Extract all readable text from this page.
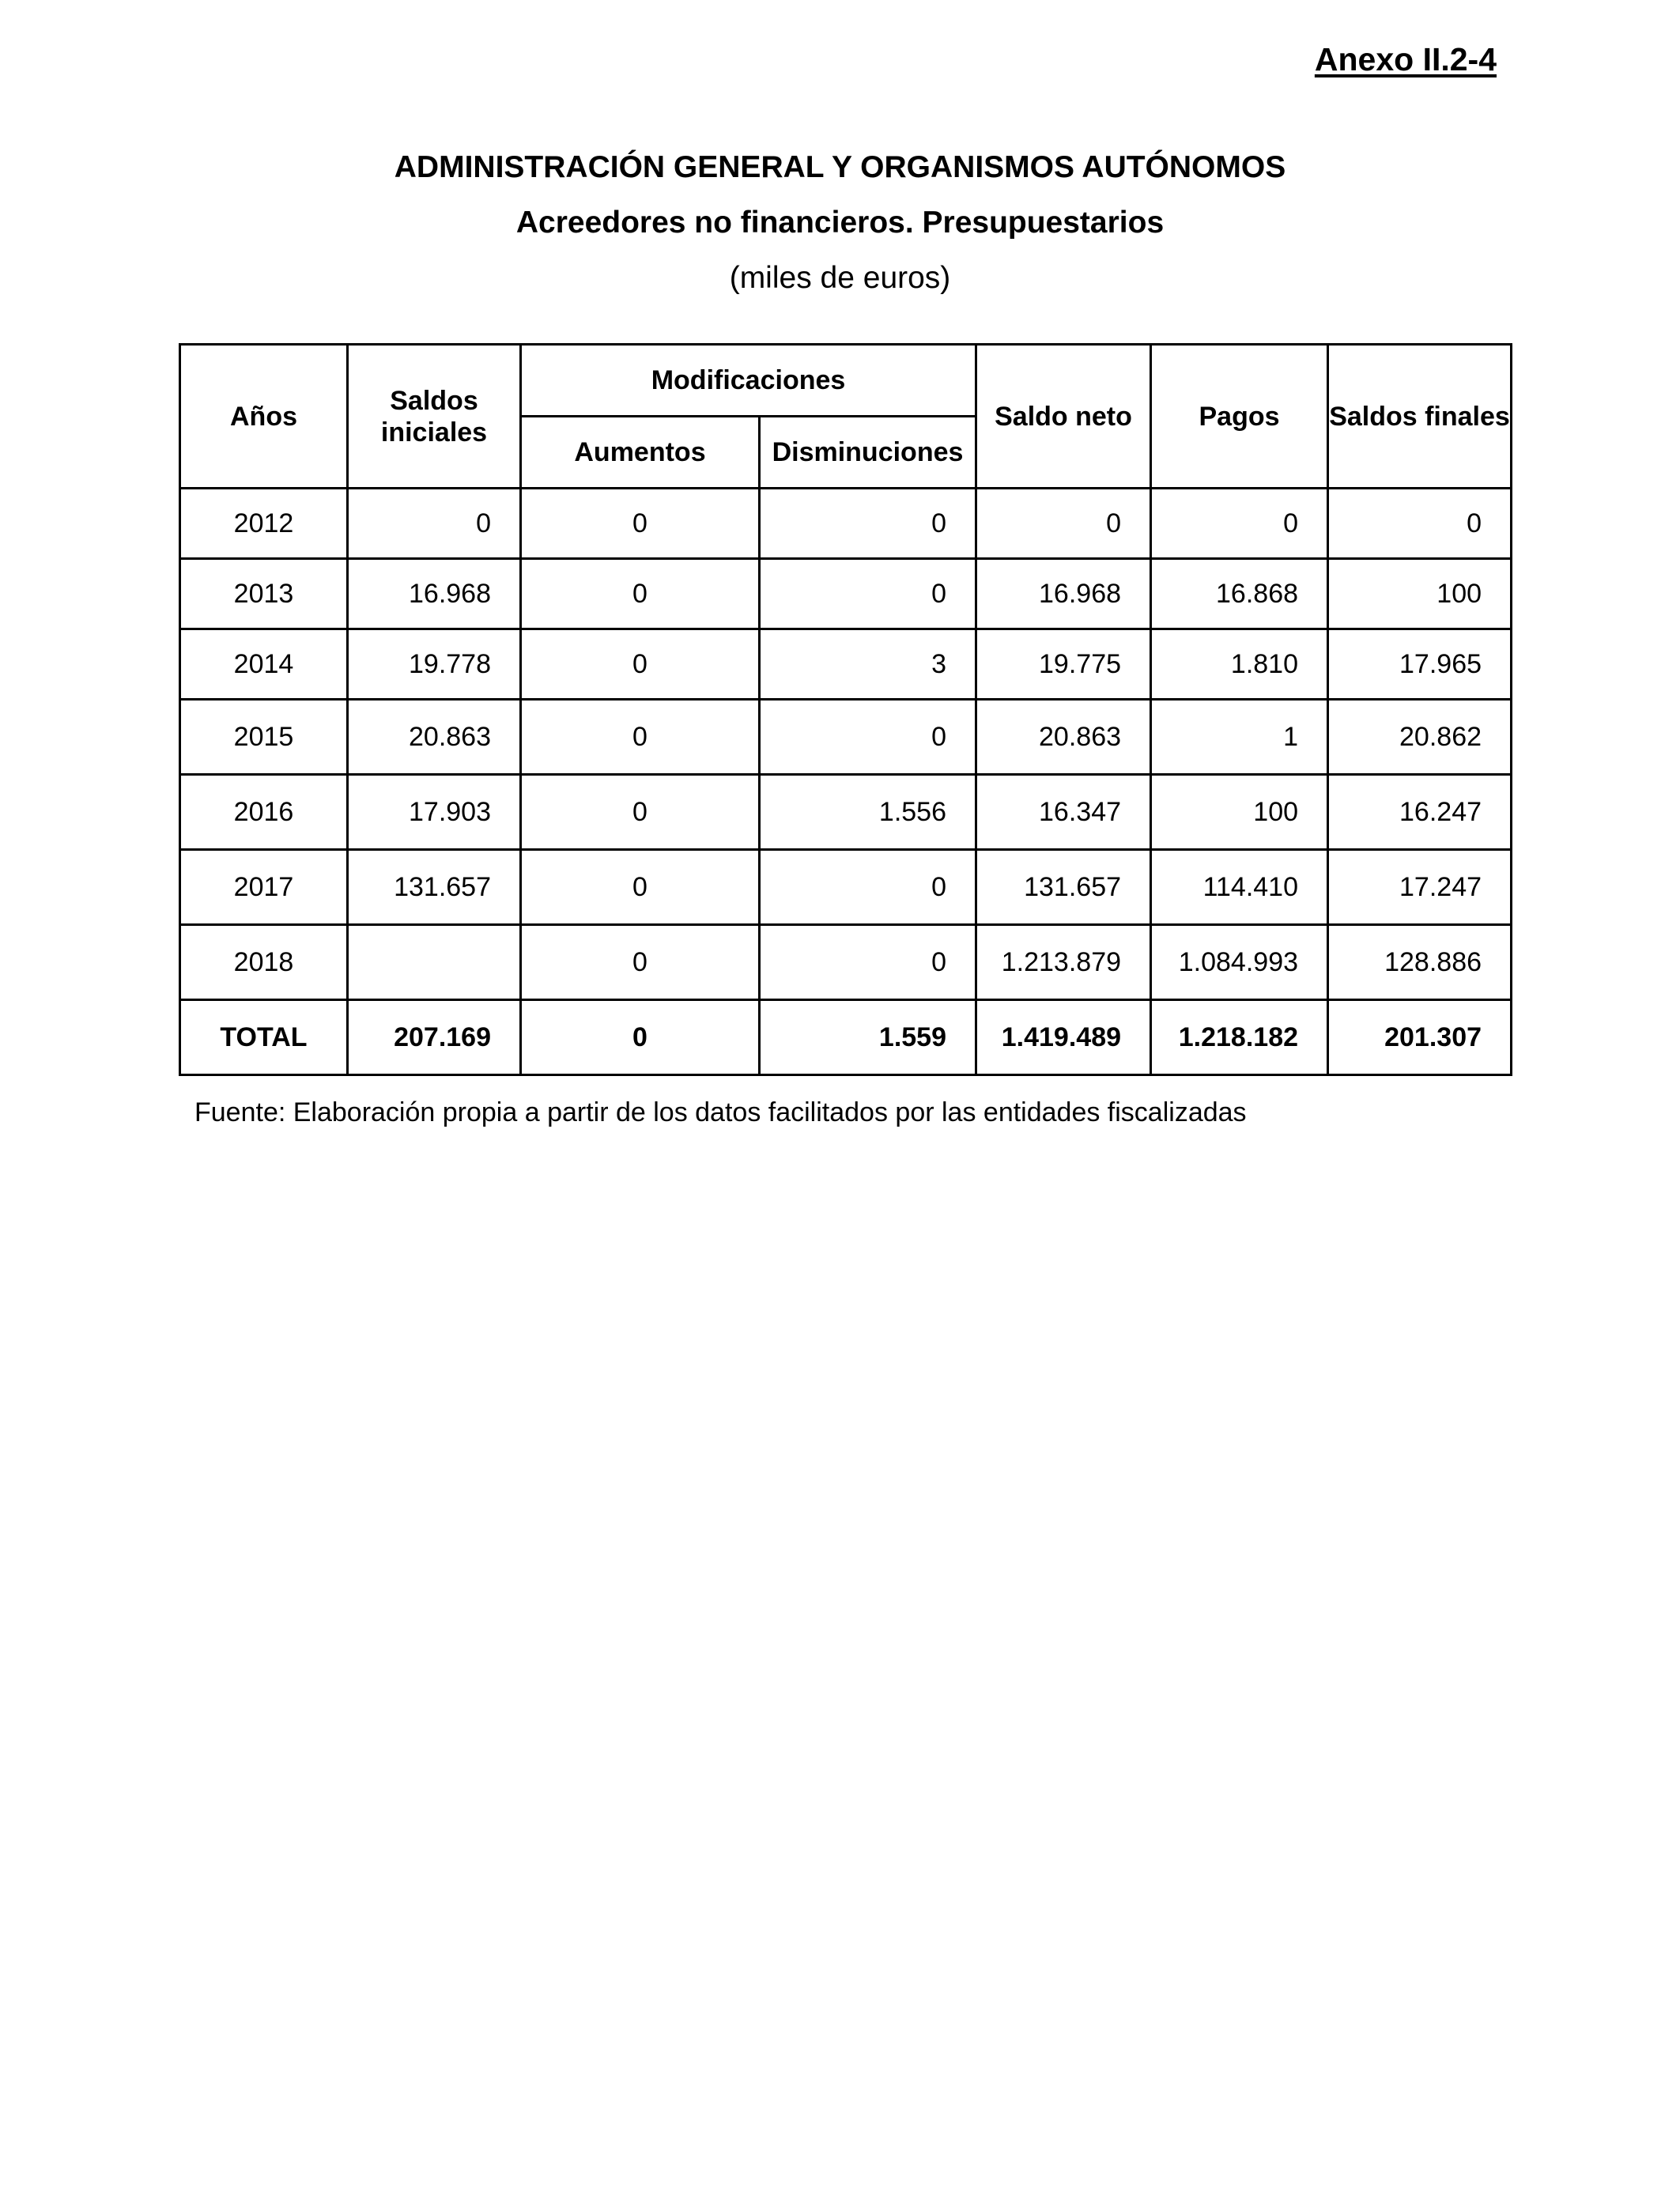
Anexo II.2-4

ADMINISTRACIÓN GENERAL Y ORGANISMOS AUTÓNOMOS

Acreedores no financieros. Presupuestarios

(miles de euros)

Años	Saldos iniciales	Modificaciones		Saldo neto	Pagos	Saldos finales
		Aumentos	Disminuciones			
2012	0	0	0	0	0	0
2013	16.968	0	0	16.968	16.868	100
2014	19.778	0	3	19.775	1.810	17.965
2015	20.863	0	0	20.863	1	20.862
2016	17.903	0	1.556	16.347	100	16.247
2017	131.657	0	0	131.657	114.410	17.247
2018		0	0	1.213.879	1.084.993	128.886
TOTAL	207.169	0	1.559	1.419.489	1.218.182	201.307
Fuente: Elaboración propia a partir de los datos facilitados por las entidades fiscalizadas
